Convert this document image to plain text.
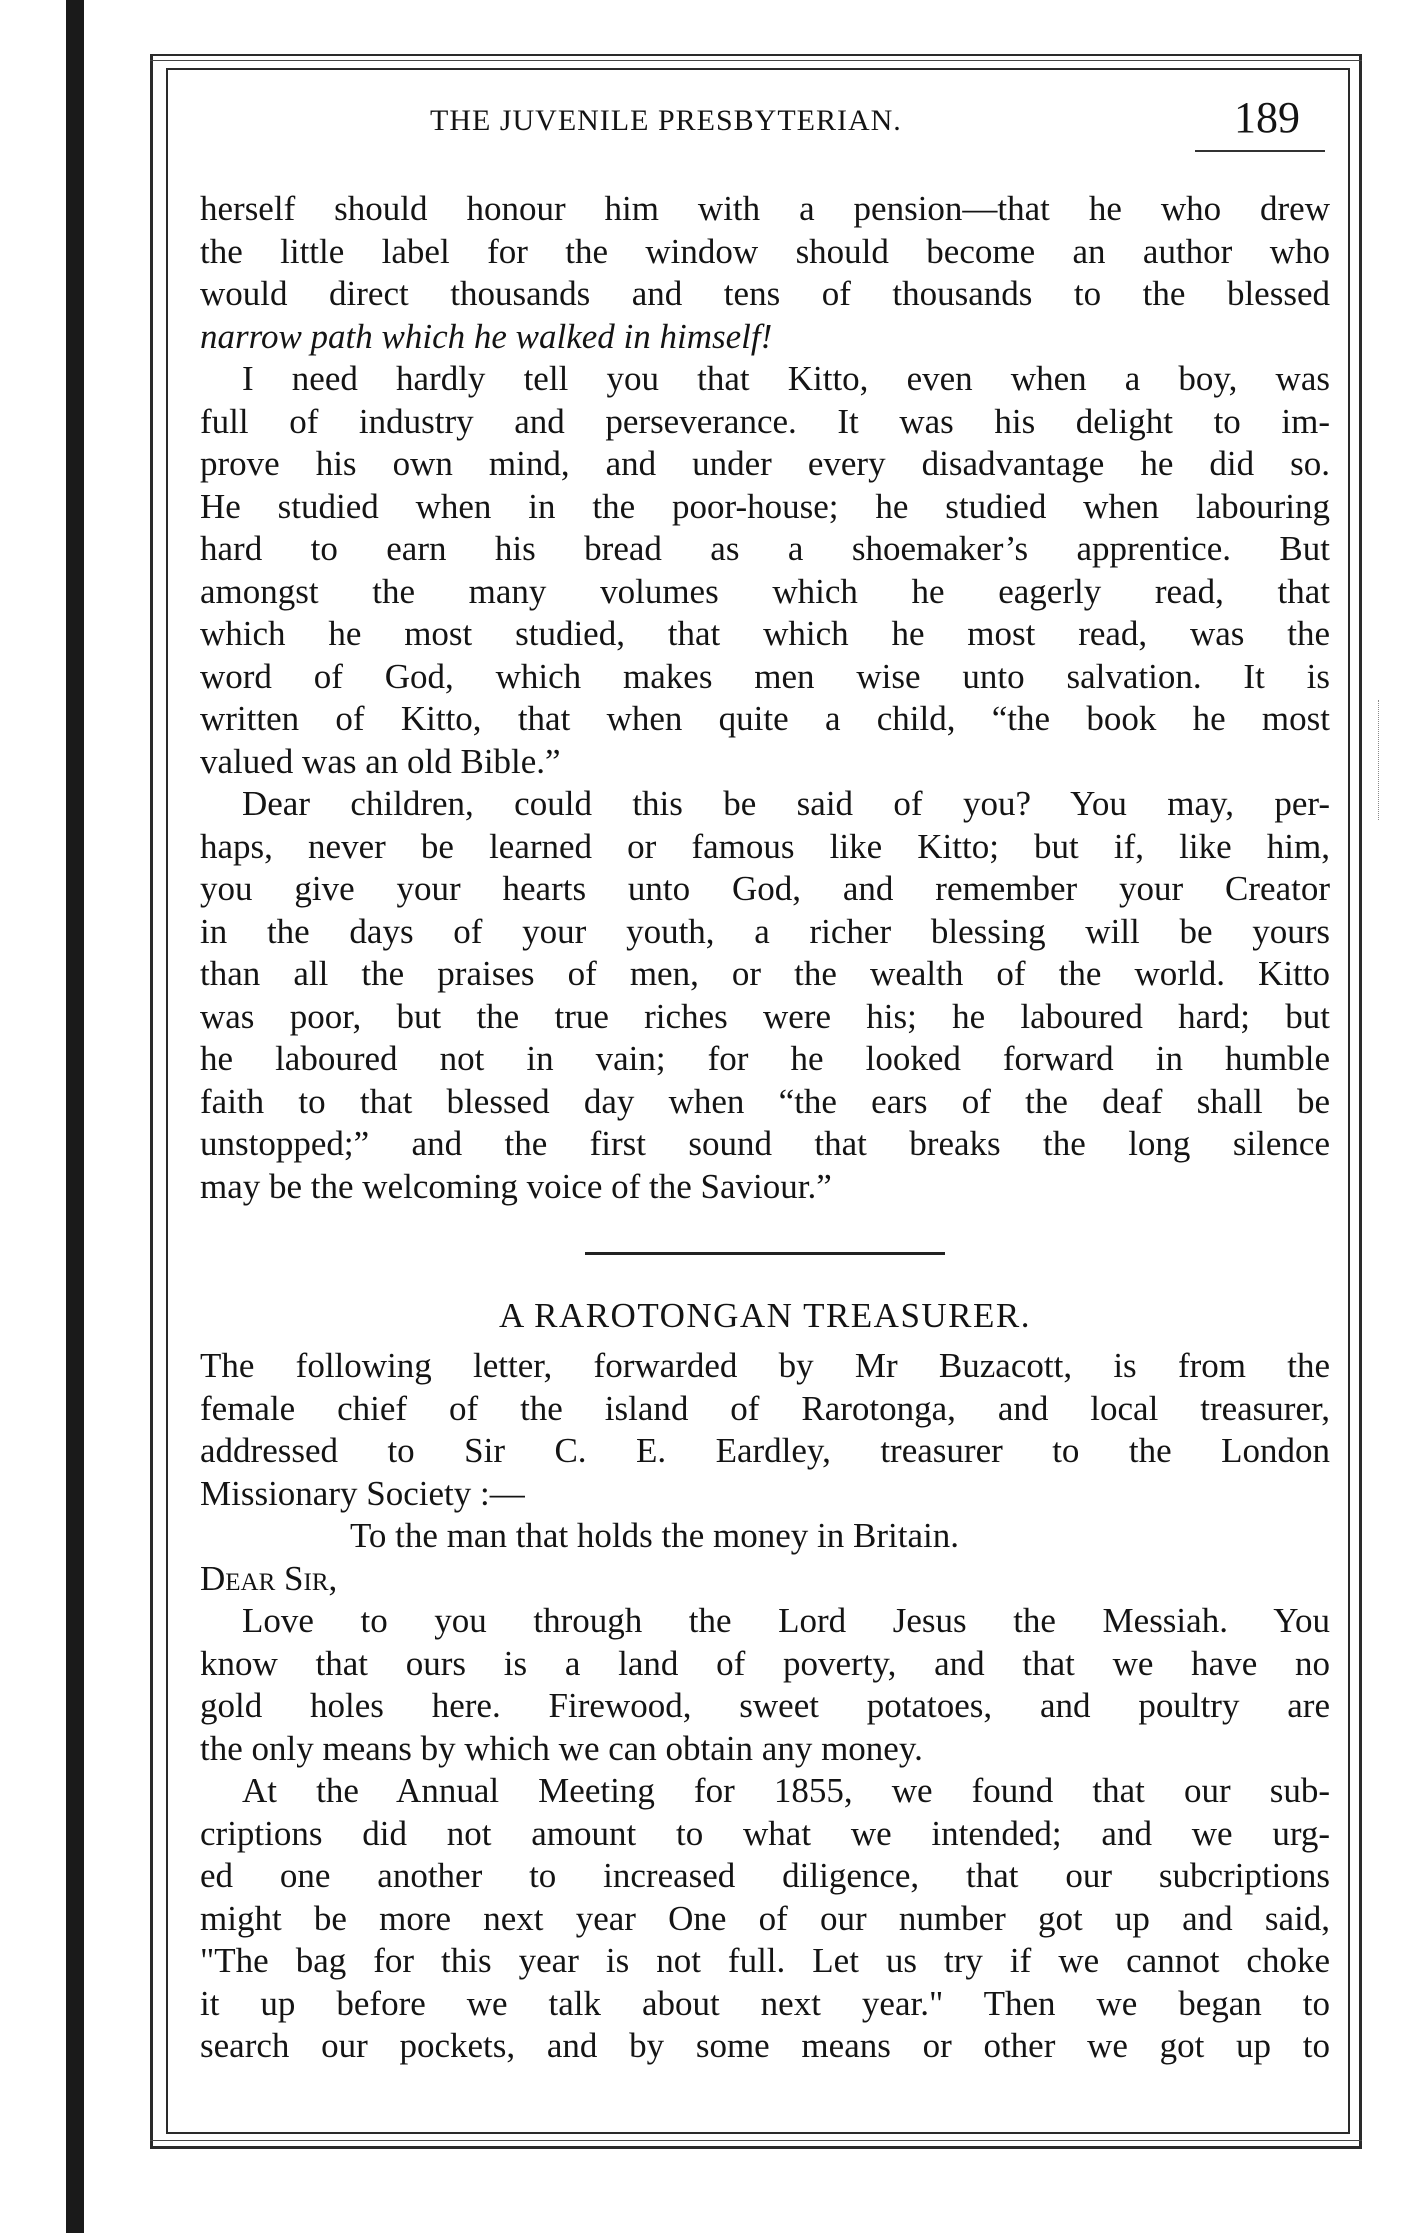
THE JUVENILE PRESBYTERIAN.	189
herself should honour him with a pension—that he who drew
the little label for the window should become an author who
would direct thousands and tens of thousands to the blessed
narrow path which he walked in himself!
I need hardly tell you that Kitto, even when a boy, was
full of industry and perseverance. It was his delight to im-
prove his own mind, and under every disadvantage he did so.
He studied when in the poor-house; he studied when labouring
hard to earn his bread as a shoemaker’s apprentice. But
amongst the many volumes which he eagerly read, that
which he most studied, that which he most read, was the
word of God, which makes men wise unto salvation. It is
written of Kitto, that when quite a child, “the book he most
valued was an old Bible.”
Dear children, could this be said of you? You may, per-
haps, never be learned or famous like Kitto; but if, like him,
you give your hearts unto God, and remember your Creator
in the days of your youth, a richer blessing will be yours
than all the praises of men, or the wealth of the world. Kitto
was poor, but the true riches were his; he laboured hard; but
he laboured not in vain; for he looked forward in humble
faith to that blessed day when “the ears of the deaf shall be
unstopped;” and the first sound that breaks the long silence
may be the welcoming voice of the Saviour.”
A RAROTONGAN TREASURER.
The following letter, forwarded by Mr Buzacott, is from the
female chief of the island of Rarotonga, and local treasurer,
addressed to Sir C. E. Eardley, treasurer to the London
Missionary Society :—
To the man that holds the money in Britain.
Dear Sir,
Love to you through the Lord Jesus the Messiah. You
know that ours is a land of poverty, and that we have no
gold holes here. Firewood, sweet potatoes, and poultry are
the only means by which we can obtain any money.
At the Annual Meeting for 1855, we found that our sub-
criptions did not amount to what we intended; and we urg-
ed one another to increased diligence, that our subcriptions
might be more next year One of our number got up and said,
"The bag for this year is not full. Let us try if we cannot choke
it up before we talk about next year." Then we began to
search our pockets, and by some means or other we got up to
